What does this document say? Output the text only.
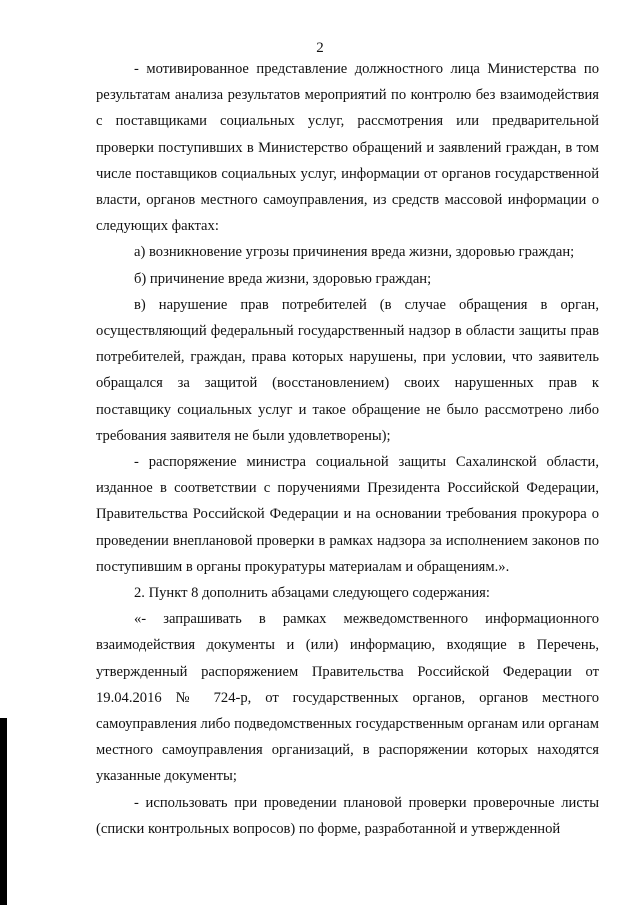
2

- мотивированное представление должностного лица Министерства по результатам анализа результатов мероприятий по контролю без взаимодействия с поставщиками социальных услуг, рассмотрения или предварительной проверки поступивших в Министерство обращений и заявлений граждан, в том числе поставщиков социальных услуг, информации от органов государственной власти, органов местного самоуправления, из средств массовой информации о следующих фактах:

а) возникновение угрозы причинения вреда жизни, здоровью граждан;

б) причинение вреда жизни, здоровью граждан;

в) нарушение прав потребителей (в случае обращения в орган, осуществляющий федеральный государственный надзор в области защиты прав потребителей, граждан, права которых нарушены, при условии, что заявитель обращался за защитой (восстановлением) своих нарушенных прав к поставщику социальных услуг и такое обращение не было рассмотрено либо требования заявителя не были удовлетворены);

- распоряжение министра социальной защиты Сахалинской области, изданное в соответствии с поручениями Президента Российской Федерации, Правительства Российской Федерации и на основании требования прокурора о проведении внеплановой проверки в рамках надзора за исполнением законов по поступившим в органы прокуратуры материалам и обращениям.».

2. Пункт 8 дополнить абзацами следующего содержания:

«- запрашивать в рамках межведомственного информационного взаимодействия документы и (или) информацию, входящие в Перечень, утвержденный распоряжением Правительства Российской Федерации от 19.04.2016 № 724-р, от государственных органов, органов местного самоуправления либо подведомственных государственным органам или органам местного самоуправления организаций, в распоряжении которых находятся указанные документы;

- использовать при проведении плановой проверки проверочные листы (списки контрольных вопросов) по форме, разработанной и утвержденной
